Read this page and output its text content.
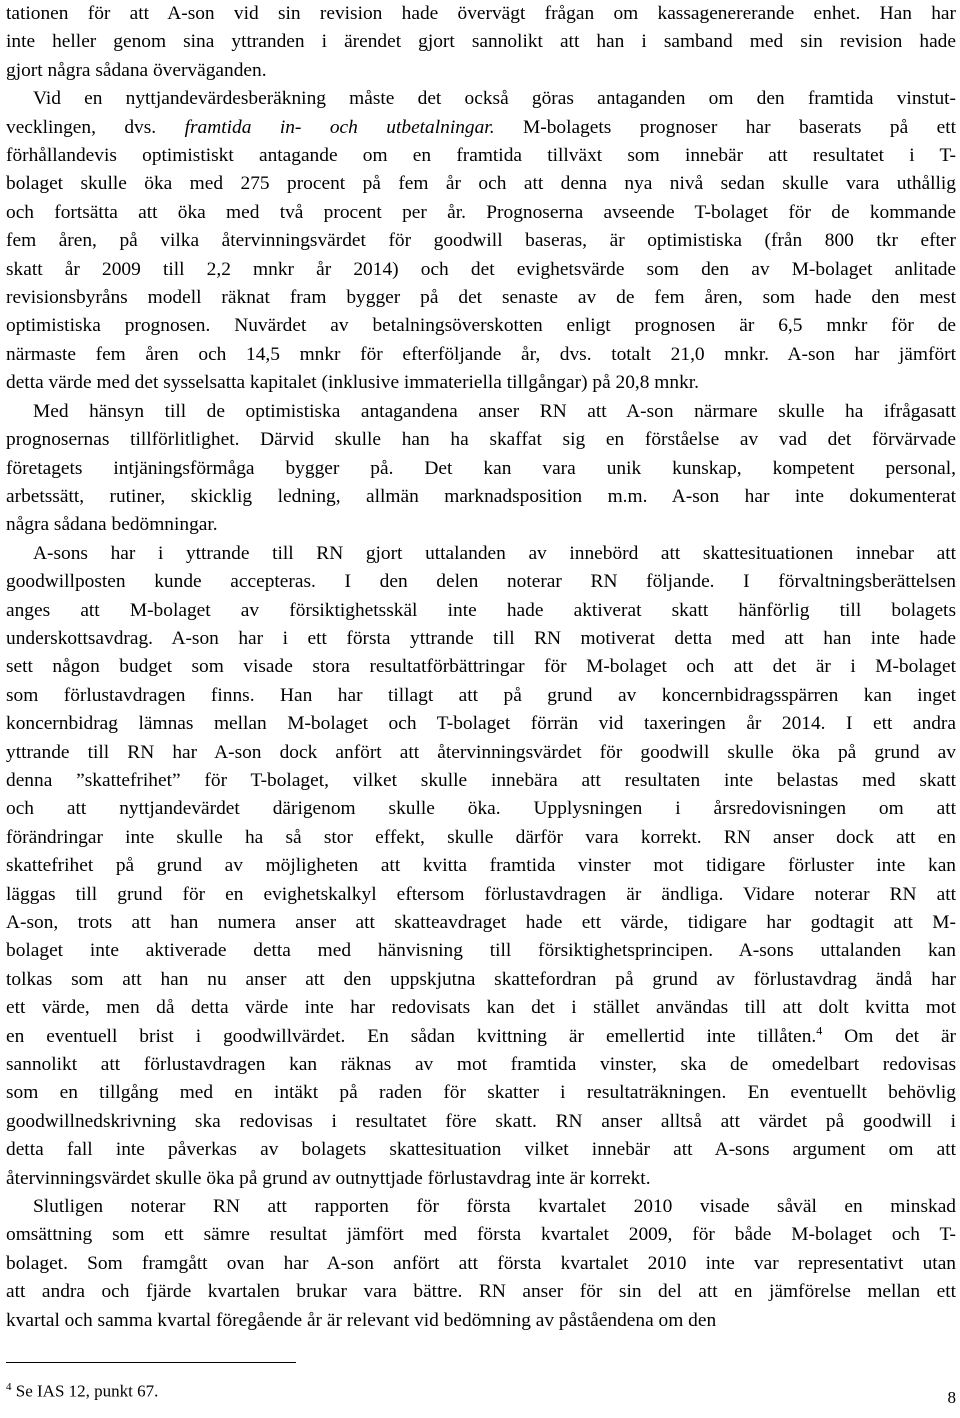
tationen för att A-son vid sin revision hade övervägt frågan om kassagenererande enhet. Han har
inte heller genom sina yttranden i ärendet gjort sannolikt att han i samband med sin revision hade
gjort några sådana överväganden.
Vid en nyttjandevärdesberäkning måste det också göras antaganden om den framtida vinstut-
vecklingen, dvs. framtida in- och utbetalningar. M-bolagets prognoser har baserats på ett
förhållandevis optimistiskt antagande om en framtida tillväxt som innebär att resultatet i T-
bolaget skulle öka med 275 procent på fem år och att denna nya nivå sedan skulle vara uthållig
och fortsätta att öka med två procent per år. Prognoserna avseende T-bolaget för de kommande
fem åren, på vilka återvinningsvärdet för goodwill baseras, är optimistiska (från 800 tkr efter
skatt år 2009 till 2,2 mnkr år 2014) och det evighetsvärde som den av M-bolaget anlitade
revisionsbyråns modell räknat fram bygger på det senaste av de fem åren, som hade den mest
optimistiska prognosen. Nuvärdet av betalningsöverskotten enligt prognosen är 6,5 mnkr för de
närmaste fem åren och 14,5 mnkr för efterföljande år, dvs. totalt 21,0 mnkr. A-son har jämfört
detta värde med det sysselsatta kapitalet (inklusive immateriella tillgångar) på 20,8 mnkr.
Med hänsyn till de optimistiska antagandena anser RN att A-son närmare skulle ha ifrågasatt
prognosernas tillförlitlighet. Därvid skulle han ha skaffat sig en förståelse av vad det förvärvade
företagets intjäningsförmåga bygger på. Det kan vara unik kunskap, kompetent personal,
arbetssätt, rutiner, skicklig ledning, allmän marknadsposition m.m. A-son har inte dokumenterat
några sådana bedömningar.
A-sons har i yttrande till RN gjort uttalanden av innebörd att skattesituationen innebar att
goodwillposten kunde accepteras. I den delen noterar RN följande. I förvaltningsberättelsen
anges att M-bolaget av försiktighetsskäl inte hade aktiverat skatt hänförlig till bolagets
underskottsavdrag. A-son har i ett första yttrande till RN motiverat detta med att han inte hade
sett någon budget som visade stora resultatförbättringar för M-bolaget och att det är i M-bolaget
som förlustavdragen finns. Han har tillagt att på grund av koncernbidragsspärren kan inget
koncernbidrag lämnas mellan M-bolaget och T-bolaget förrän vid taxeringen år 2014. I ett andra
yttrande till RN har A-son dock anfört att återvinningsvärdet för goodwill skulle öka på grund av
denna ”skattefrihet” för T-bolaget, vilket skulle innebära att resultaten inte belastas med skatt
och att nyttjandevärdet därigenom skulle öka. Upplysningen i årsredovisningen om att
förändringar inte skulle ha så stor effekt, skulle därför vara korrekt. RN anser dock att en
skattefrihet på grund av möjligheten att kvitta framtida vinster mot tidigare förluster inte kan
läggas till grund för en evighetskalkyl eftersom förlustavdragen är ändliga. Vidare noterar RN att
A-son, trots att han numera anser att skatteavdraget hade ett värde, tidigare har godtagit att M-
bolaget inte aktiverade detta med hänvisning till försiktighetsprincipen. A-sons uttalanden kan
tolkas som att han nu anser att den uppskjutna skattefordran på grund av förlustavdrag ändå har
ett värde, men då detta värde inte har redovisats kan det i stället användas till att dolt kvitta mot
en eventuell brist i goodwillvärdet. En sådan kvittning är emellertid inte tillåten.$^4$ Om det är
sannolikt att förlustavdragen kan räknas av mot framtida vinster, ska de omedelbart redovisas
som en tillgång med en intäkt på raden för skatter i resultaträkningen. En eventuellt behövlig
goodwillnedskrivning ska redovisas i resultatet före skatt. RN anser alltså att värdet på goodwill i
detta fall inte påverkas av bolagets skattesituation vilket innebär att A-sons argument om att
återvinningsvärdet skulle öka på grund av outnyttjade förlustavdrag inte är korrekt.
Slutligen noterar RN att rapporten för första kvartalet 2010 visade såväl en minskad
omsättning som ett sämre resultat jämfört med första kvartalet 2009, för både M-bolaget och T-
bolaget. Som framgått ovan har A-son anfört att första kvartalet 2010 inte var representativt utan
att andra och fjärde kvartalen brukar vara bättre. RN anser för sin del att en jämförelse mellan ett
kvartal och samma kvartal föregående år är relevant vid bedömning av påståendena om den
$^4$ Se IAS 12, punkt 67.	8
